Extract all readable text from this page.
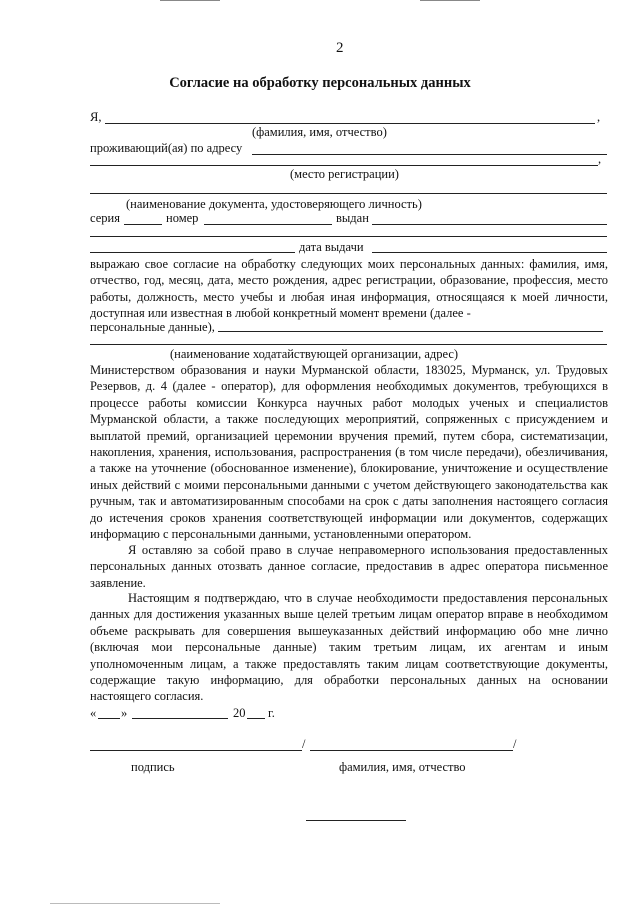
2
Согласие на обработку персональных данных
Я,	,
(фамилия, имя, отчество)
проживающий(ая) по адресу
,
(место регистрации)
(наименование документа, удостоверяющего личность)
серия	номер	выдан
дата выдачи
выражаю свое согласие на обработку следующих моих персональных данных: фамилия, имя, отчество, год, месяц, дата, место рождения, адрес регистрации, образование, профессия, место работы, должность, место учебы и любая иная информация, относящаяся к моей личности, доступная или известная в любой конкретный момент времени (далее -
персональные данные),
(наименование ходатайствующей организации, адрес)
Министерством образования и науки Мурманской области, 183025, Мурманск, ул. Трудовых Резервов, д. 4 (далее - оператор), для оформления необходимых документов, требующихся в процессе работы комиссии Конкурса научных работ молодых ученых и специалистов Мурманской области, а также последующих мероприятий, сопряженных с присуждением и выплатой премий, организацией церемонии вручения премий, путем сбора, систематизации, накопления, хранения, использования, распространения (в том числе передачи), обезличивания, а также на уточнение (обоснованное изменение), блокирование, уничтожение и осуществление иных действий с моими персональными данными с учетом действующего законодательства как ручным, так и автоматизированным способами на срок с даты заполнения настоящего согласия до истечения сроков хранения соответствующей информации или документов, содержащих информацию с персональными данными, установленными оператором.
Я оставляю за собой право в случае неправомерного использования предоставленных персональных данных отозвать данное согласие, предоставив в адрес оператора письменное заявление.
Настоящим я подтверждаю, что в случае необходимости предоставления персональных данных для достижения указанных выше целей третьим лицам оператор вправе в необходимом объеме раскрывать для совершения вышеуказанных действий информацию обо мне лично (включая мои персональные данные) таким третьим лицам, их агентам и иным уполномоченным лицам, а также предоставлять таким лицам соответствующие документы, содержащие такую информацию, для обработки персональных данных на основании настоящего согласия.
« »	20 г.
/	/
подпись	фамилия, имя, отчество
